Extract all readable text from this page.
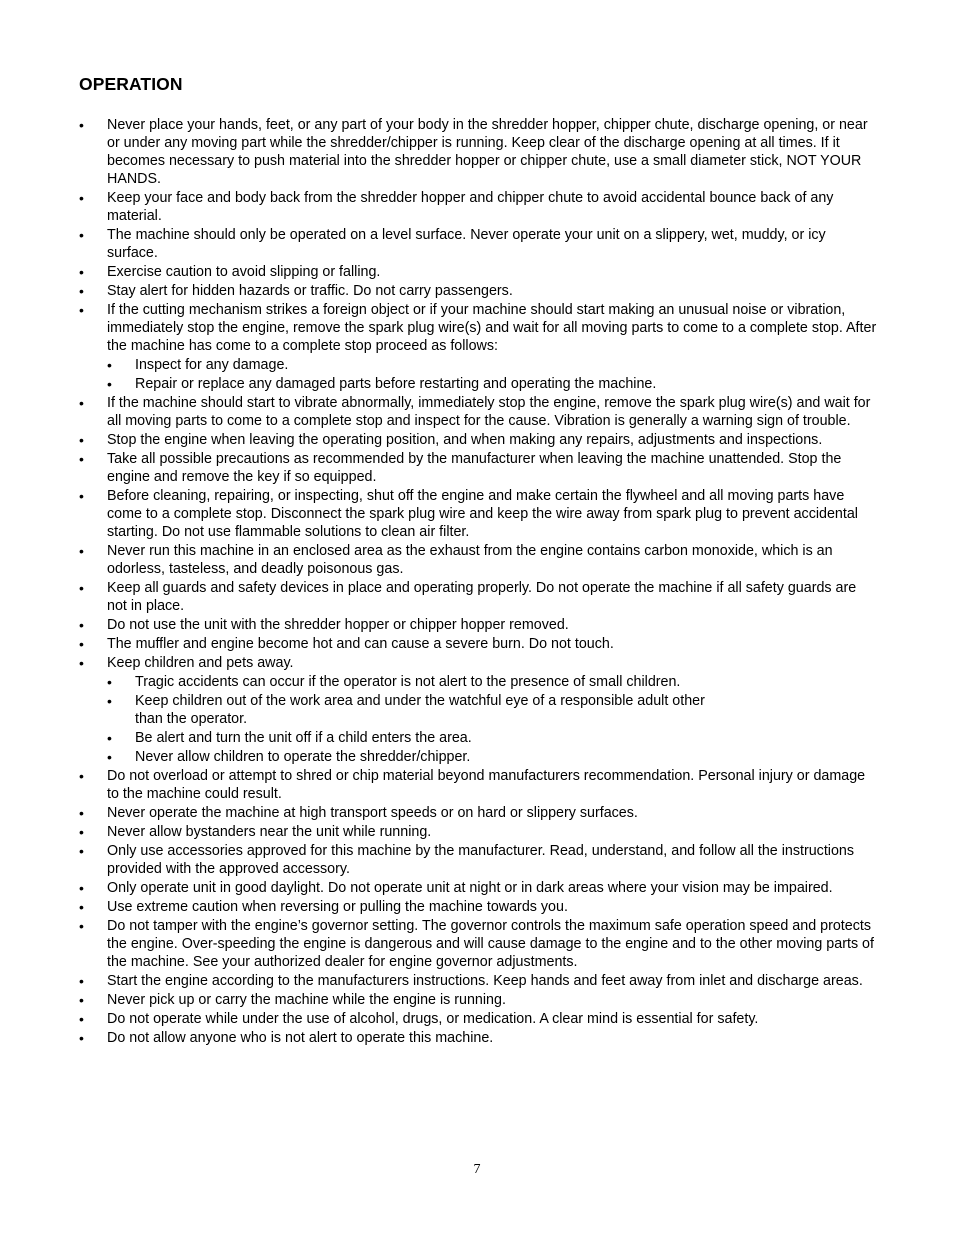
OPERATION
• Never place your hands, feet, or any part of your body in the shredder hopper, chipper chute, discharge opening, or near or under any moving part while the shredder/chipper is running. Keep clear of the discharge opening at all times. If it becomes necessary to push material into the shredder hopper or chipper chute, use a small diameter stick, NOT YOUR HANDS.
• Keep your face and body back from the shredder hopper and chipper chute to avoid accidental bounce back of any material.
• The machine should only be operated on a level surface. Never operate your unit on a slippery, wet, muddy, or icy surface.
• Exercise caution to avoid slipping or falling.
• Stay alert for hidden hazards or traffic. Do not carry passengers.
• If the cutting mechanism strikes a foreign object or if your machine should start making an unusual noise or vibration, immediately stop the engine, remove the spark plug wire(s) and wait for all moving parts to come to a complete stop. After the machine has come to a complete stop proceed as follows:
• Inspect for any damage.
• Repair or replace any damaged parts before restarting and operating the machine.
• If the machine should start to vibrate abnormally, immediately stop the engine, remove the spark plug wire(s) and wait for all moving parts to come to a complete stop and inspect for the cause. Vibration is generally a warning sign of trouble.
• Stop the engine when leaving the operating position, and when making any repairs, adjustments and inspections.
• Take all possible precautions as recommended by the manufacturer when leaving the machine unattended. Stop the engine and remove the key if so equipped.
• Before cleaning, repairing, or inspecting, shut off the engine and make certain the flywheel and all moving parts have come to a complete stop. Disconnect the spark plug wire and keep the wire away from spark plug to prevent accidental starting. Do not use flammable solutions to clean air filter.
• Never run this machine in an enclosed area as the exhaust from the engine contains carbon monoxide, which is an odorless, tasteless, and deadly poisonous gas.
• Keep all guards and safety devices in place and operating properly. Do not operate the machine if all safety guards are not in place.
• Do not use the unit with the shredder hopper or chipper hopper removed.
• The muffler and engine become hot and can cause a severe burn. Do not touch.
• Keep children and pets away.
• Tragic accidents can occur if the operator is not alert to the presence of small children.
• Keep children out of the work area and under the watchful eye of a responsible adult other than the operator.
• Be alert and turn the unit off if a child enters the area.
• Never allow children to operate the shredder/chipper.
• Do not overload or attempt to shred or chip material beyond manufacturers recommendation. Personal injury or damage to the machine could result.
• Never operate the machine at high transport speeds or on hard or slippery surfaces.
• Never allow bystanders near the unit while running.
• Only use accessories approved for this machine by the manufacturer. Read, understand, and follow all the instructions provided with the approved accessory.
• Only operate unit in good daylight. Do not operate unit at night or in dark areas where your vision may be impaired.
• Use extreme caution when reversing or pulling the machine towards you.
• Do not tamper with the engine’s governor setting. The governor controls the maximum safe operation speed and protects the engine. Over-speeding the engine is dangerous and will cause damage to the engine and to the other moving parts of the machine. See your authorized dealer for engine governor adjustments.
• Start the engine according to the manufacturers instructions. Keep hands and feet away from inlet and discharge areas.
• Never pick up or carry the machine while the engine is running.
• Do not operate while under the use of alcohol, drugs, or medication. A clear mind is essential for safety.
• Do not allow anyone who is not alert to operate this machine.
7
